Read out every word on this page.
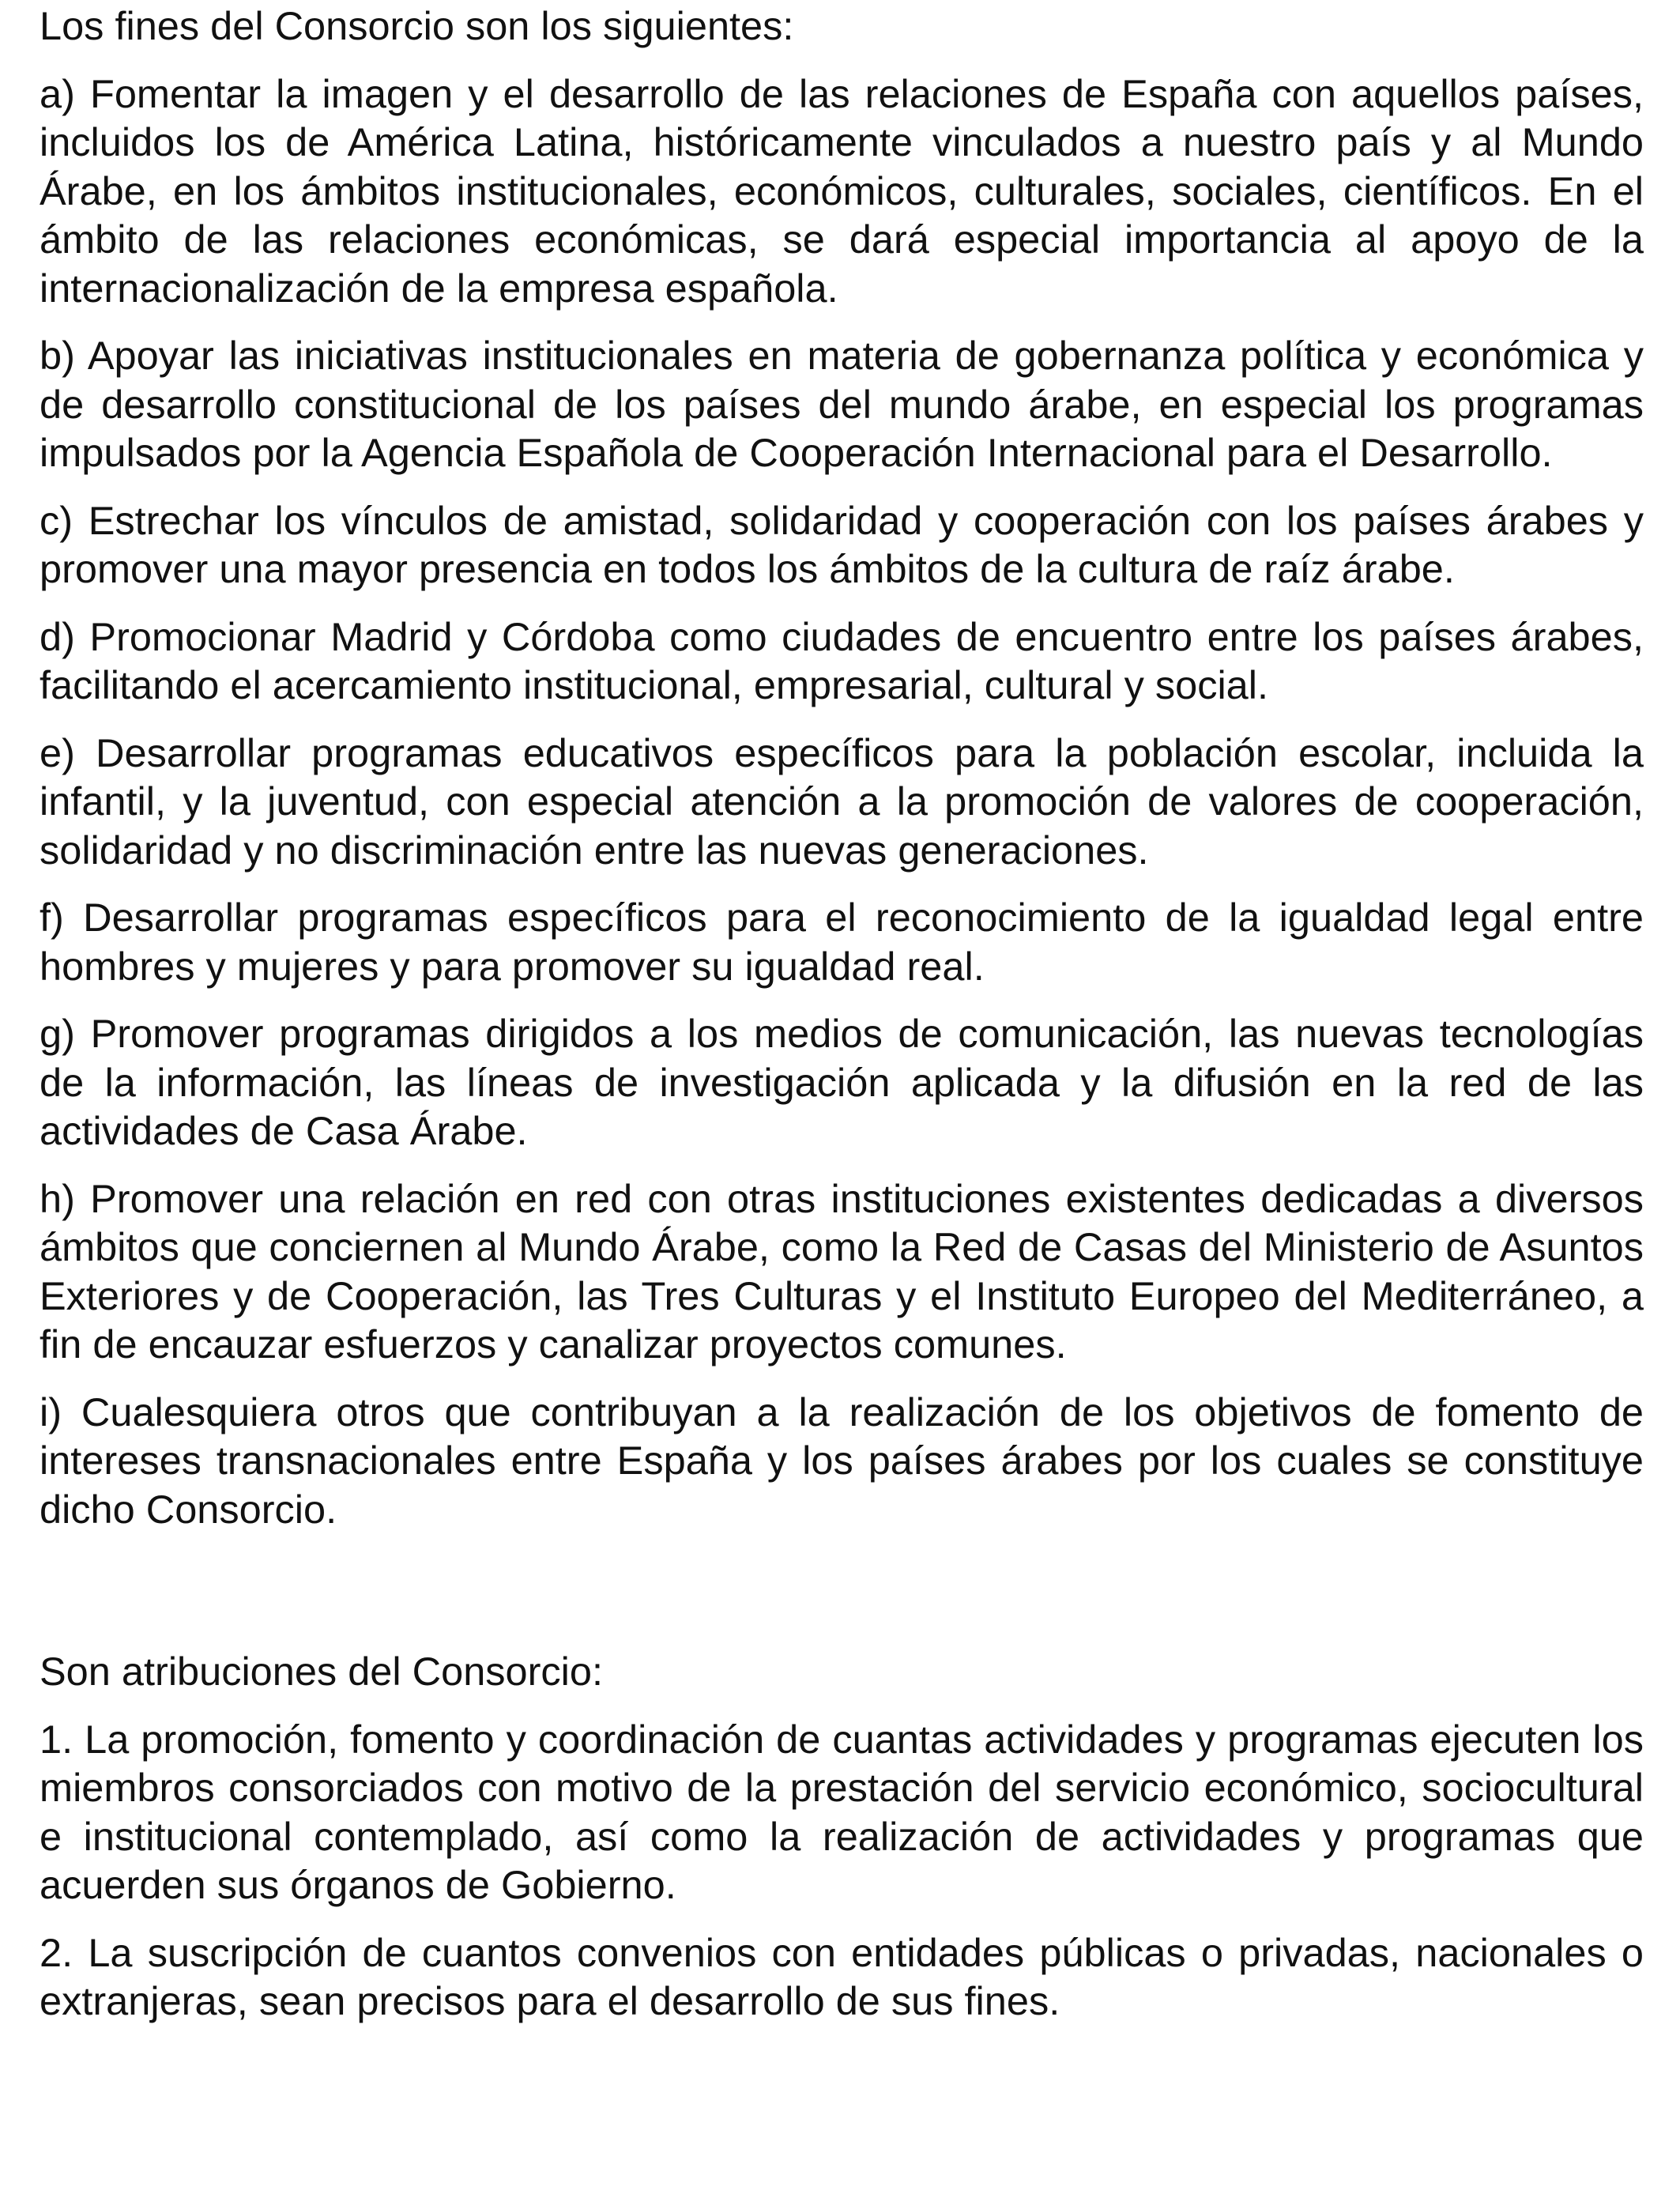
Los fines del Consorcio son los siguientes:

a) Fomentar la imagen y el desarrollo de las relaciones de España con aquellos países, incluidos los de América Latina, históricamente vinculados a nuestro país y al Mundo Árabe, en los ámbitos institucionales, económicos, culturales, sociales, científicos. En el ámbito de las relaciones económicas, se dará especial importancia al apoyo de la internacionalización de la empresa española.

b) Apoyar las iniciativas institucionales en materia de gobernanza política y económica y de desarrollo constitucional de los países del mundo árabe, en especial los programas impulsados por la Agencia Española de Cooperación Internacional para el Desarrollo.

c) Estrechar los vínculos de amistad, solidaridad y cooperación con los países árabes y promover una mayor presencia en todos los ámbitos de la cultura de raíz árabe.

d) Promocionar Madrid y Córdoba como ciudades de encuentro entre los países árabes, facilitando el acercamiento institucional, empresarial, cultural y social.

e) Desarrollar programas educativos específicos para la población escolar, incluida la infantil, y la juventud, con especial atención a la promoción de valores de cooperación, solidaridad y no discriminación entre las nuevas generaciones.

f) Desarrollar programas específicos para el reconocimiento de la igualdad legal entre hombres y mujeres y para promover su igualdad real.

g) Promover programas dirigidos a los medios de comunicación, las nuevas tecnologías de la información, las líneas de investigación aplicada y la difusión en la red de las actividades de Casa Árabe.

h) Promover una relación en red con otras instituciones existentes dedicadas a diversos ámbitos que conciernen al Mundo Árabe, como la Red de Casas del Ministerio de Asuntos Exteriores y de Cooperación, las Tres Culturas y el Instituto Europeo del Mediterráneo, a fin de encauzar esfuerzos y canalizar proyectos comunes.

i) Cualesquiera otros que contribuyan a la realización de los objetivos de fomento de intereses transnacionales entre España y los países árabes por los cuales se constituye dicho Consorcio.

Son atribuciones del Consorcio:

1. La promoción, fomento y coordinación de cuantas actividades y programas ejecuten los miembros consorciados con motivo de la prestación del servicio económico, sociocultural e institucional contemplado, así como la realización de actividades y programas que acuerden sus órganos de Gobierno.

2. La suscripción de cuantos convenios con entidades públicas o privadas, nacionales o extranjeras, sean precisos para el desarrollo de sus fines.
